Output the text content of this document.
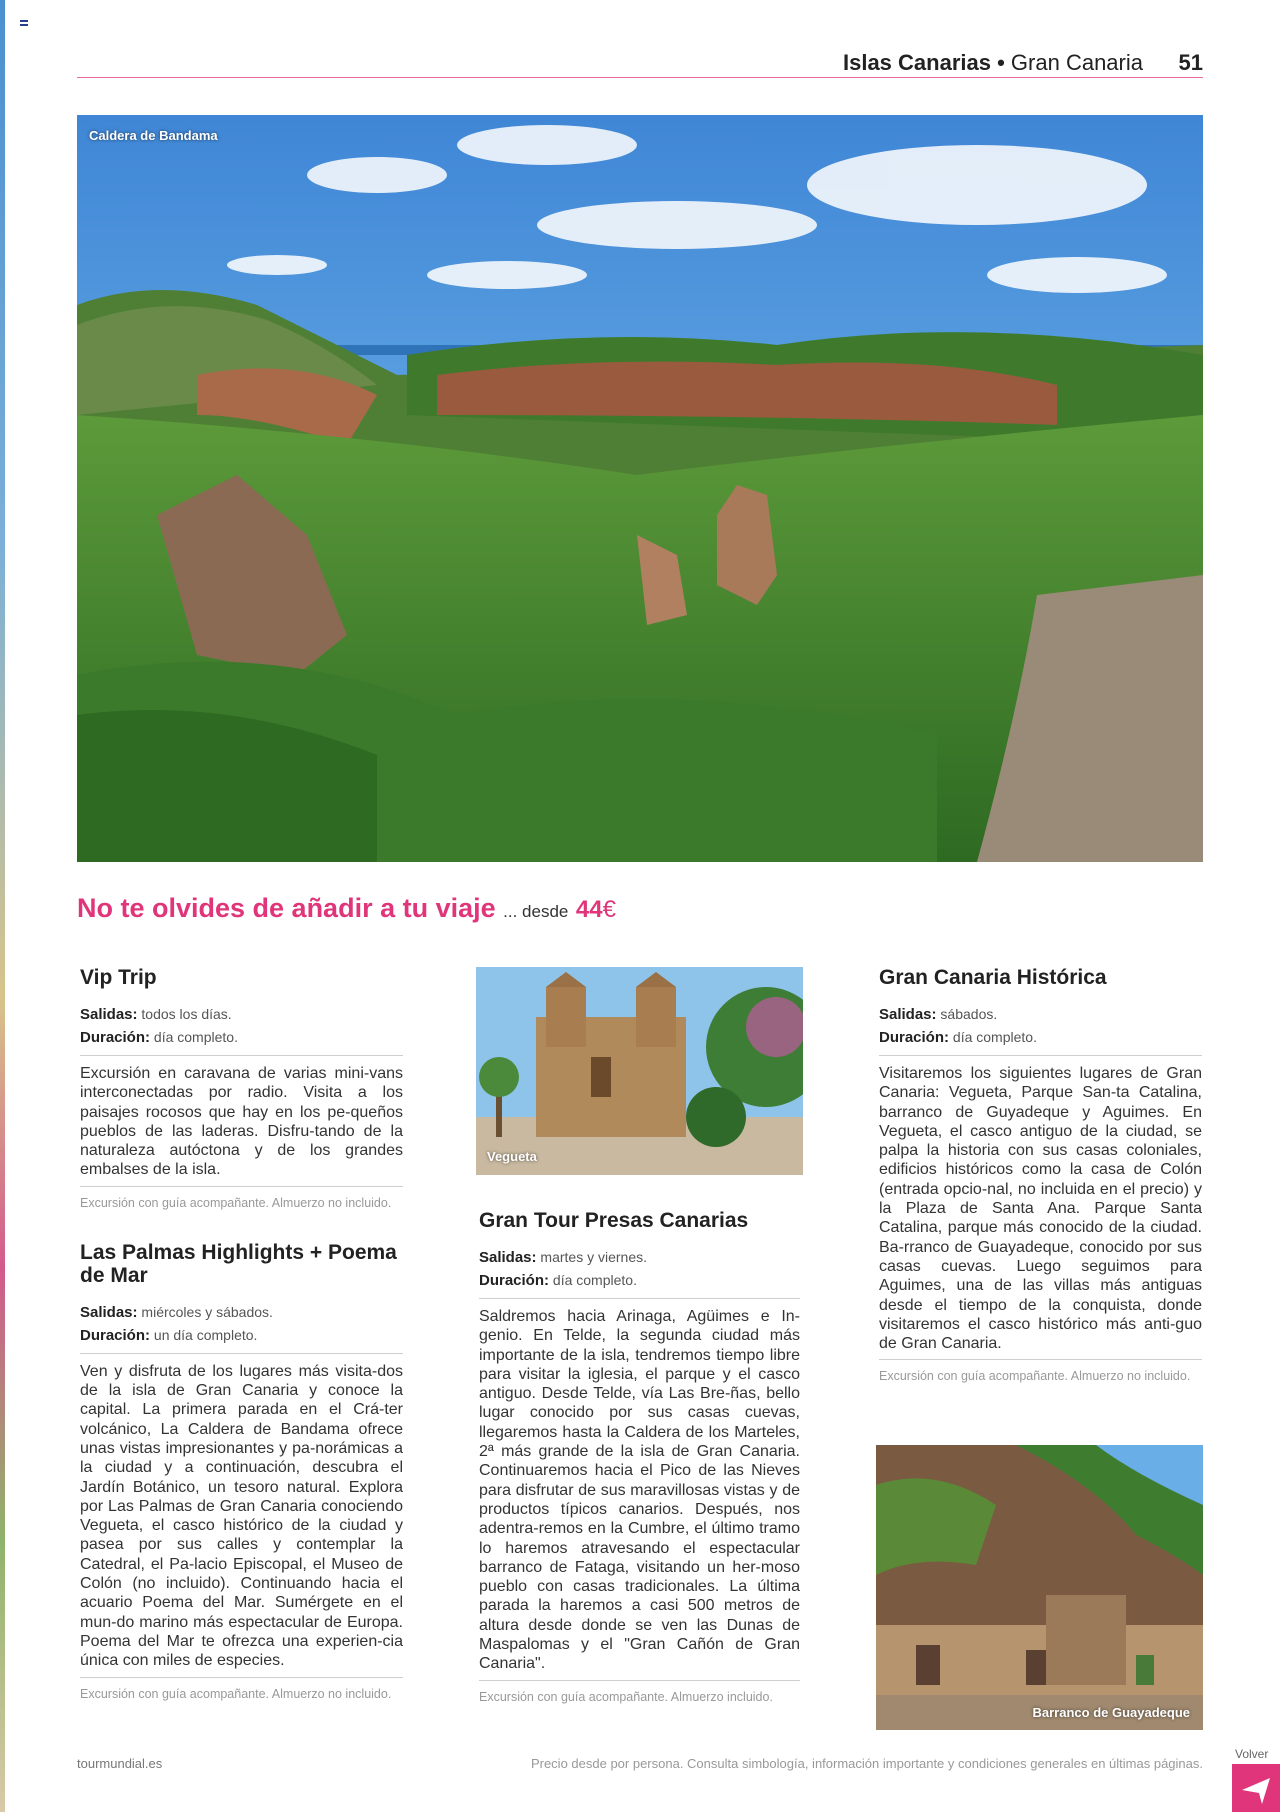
Islas Canarias • Gran Canaria 51
Caldera de Bandama
No te olvides de añadir a tu viaje ... desde 44€
Vip Trip
Salidas: todos los días.
Duración: día completo.
Excursión en caravana de varias mini-vans interconectadas por radio. Visita a los paisajes rocosos que hay en los pe-queños pueblos de las laderas. Disfru-tando de la naturaleza autóctona y de los grandes embalses de la isla.
Excursión con guía acompañante. Almuerzo no incluido.
Las Palmas Highlights + Poema de Mar
Salidas: miércoles y sábados.
Duración: un día completo.
Ven y disfruta de los lugares más visita-dos de la isla de Gran Canaria y conoce la capital. La primera parada en el Crá-ter volcánico, La Caldera de Bandama ofrece unas vistas impresionantes y pa-norámicas a la ciudad y a continuación, descubra el Jardín Botánico, un tesoro natural. Explora por Las Palmas de Gran Canaria conociendo Vegueta, el casco histórico de la ciudad y pasea por sus calles y contemplar la Catedral, el Pa-lacio Episcopal, el Museo de Colón (no incluido). Continuando hacia el acuario Poema del Mar. Sumérgete en el mun-do marino más espectacular de Europa. Poema del Mar te ofrezca una experien-cia única con miles de especies.
Excursión con guía acompañante. Almuerzo no incluido.
Vegueta
Gran Tour Presas Canarias
Salidas: martes y viernes.
Duración: día completo.
Saldremos hacia Arinaga, Agüimes e In-genio. En Telde, la segunda ciudad más importante de la isla, tendremos tiempo libre para visitar la iglesia, el parque y el casco antiguo. Desde Telde, vía Las Bre-ñas, bello lugar conocido por sus casas cuevas, llegaremos hasta la Caldera de los Marteles, 2ª más grande de la isla de Gran Canaria. Continuaremos hacia el Pico de las Nieves para disfrutar de sus maravillosas vistas y de productos típicos canarios. Después, nos adentra-remos en la Cumbre, el último tramo lo haremos atravesando el espectacular barranco de Fataga, visitando un her-moso pueblo con casas tradicionales. La última parada la haremos a casi 500 metros de altura desde donde se ven las Dunas de Maspalomas y el "Gran Cañón de Gran Canaria".
Excursión con guía acompañante. Almuerzo incluido.
Gran Canaria Histórica
Salidas: sábados.
Duración: día completo.
Visitaremos los siguientes lugares de Gran Canaria: Vegueta, Parque San-ta Catalina, barranco de Guyadeque y Aguimes. En Vegueta, el casco antiguo de la ciudad, se palpa la historia con sus casas coloniales, edificios históricos como la casa de Colón (entrada opcio-nal, no incluida en el precio) y la Plaza de Santa Ana. Parque Santa Catalina, parque más conocido de la ciudad. Ba-rranco de Guayadeque, conocido por sus casas cuevas. Luego seguimos para Aguimes, una de las villas más antiguas desde el tiempo de la conquista, donde visitaremos el casco histórico más anti-guo de Gran Canaria.
Excursión con guía acompañante. Almuerzo no incluido.
Barranco de Guayadeque
tourmundial.es	Precio desde por persona. Consulta simbología, información importante y condiciones generales en últimas páginas.
Volver
